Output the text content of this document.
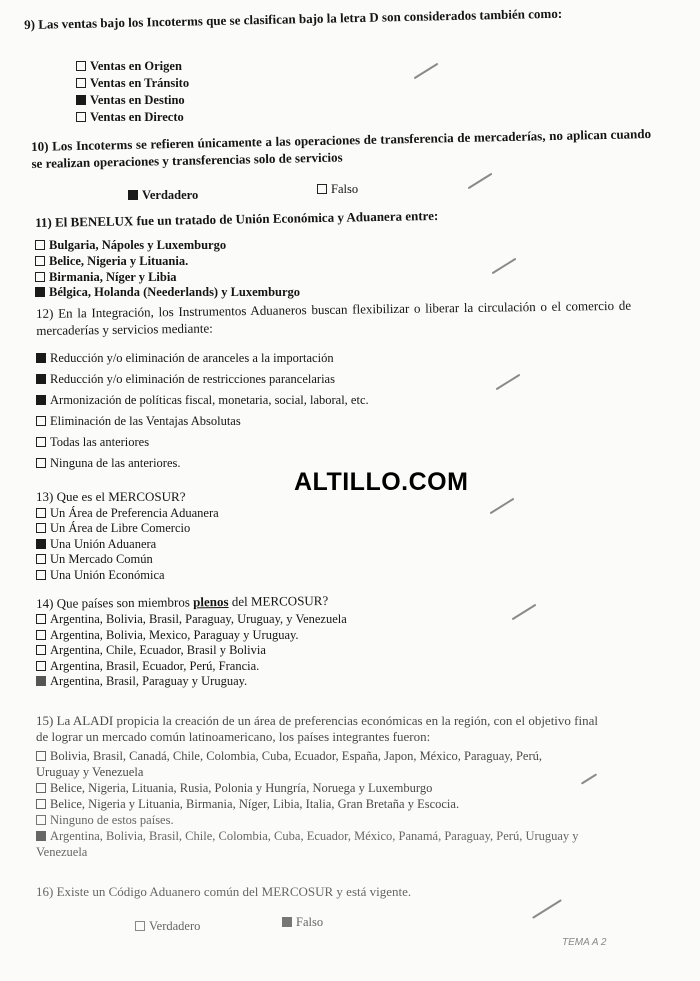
9) Las ventas bajo los Incoterms que se clasifican bajo la letra D son considerados también como:
Ventas en Origen
Ventas en Tránsito
Ventas en Destino
Ventas en Directo
10) Los Incoterms se refieren únicamente a las operaciones de transferencia de mercaderías, no aplican cuando se realizan operaciones y transferencias solo de servicios
Verdadero	Falso
11) El BENELUX fue un tratado de Unión Económica y Aduanera entre:
Bulgaria, Nápoles y Luxemburgo
Belice, Nigeria y Lituania.
Birmania, Níger y Libia
Bélgica, Holanda (Neederlands) y Luxemburgo
12) En la Integración, los Instrumentos Aduaneros buscan flexibilizar o liberar la circulación o el comercio de mercaderías y servicios mediante:
Reducción y/o eliminación de aranceles a la importación
Reducción y/o eliminación de restricciones parancelarias
Armonización de políticas fiscal, monetaria, social, laboral, etc.
Eliminación de las Ventajas Absolutas
Todas las anteriores
Ninguna de las anteriores.
ALTILLO.COM
13) Que es el MERCOSUR?
Un Área de Preferencia Aduanera
Un Área de Libre Comercio
Una Unión Aduanera
Un Mercado Común
Una Unión Económica
14) Que países son miembros plenos del MERCOSUR?
Argentina, Bolivia, Brasil, Paraguay, Uruguay, y Venezuela
Argentina, Bolivia, Mexico, Paraguay y Uruguay.
Argentina, Chile, Ecuador, Brasil y Bolivia
Argentina, Brasil, Ecuador, Perú, Francia.
Argentina, Brasil, Paraguay y Uruguay.
15) La ALADI propicia la creación de un área de preferencias económicas en la región, con el objetivo final
de lograr un mercado común latinoamericano, los países integrantes fueron:
Bolivia, Brasil, Canadá, Chile, Colombia, Cuba, Ecuador, España, Japon, México, Paraguay, Perú,
Uruguay y Venezuela
Belice, Nigeria, Lituania, Rusia, Polonia y Hungría, Noruega y Luxemburgo
Belice, Nigeria y Lituania, Birmania, Níger, Libia, Italia, Gran Bretaña y Escocia.
Ninguno de estos países.
Argentina, Bolivia, Brasil, Chile, Colombia, Cuba, Ecuador, México, Panamá, Paraguay, Perú, Uruguay y
Venezuela
16) Existe un Código Aduanero común del MERCOSUR y está vigente.
Verdadero	Falso
TEMA A 2
